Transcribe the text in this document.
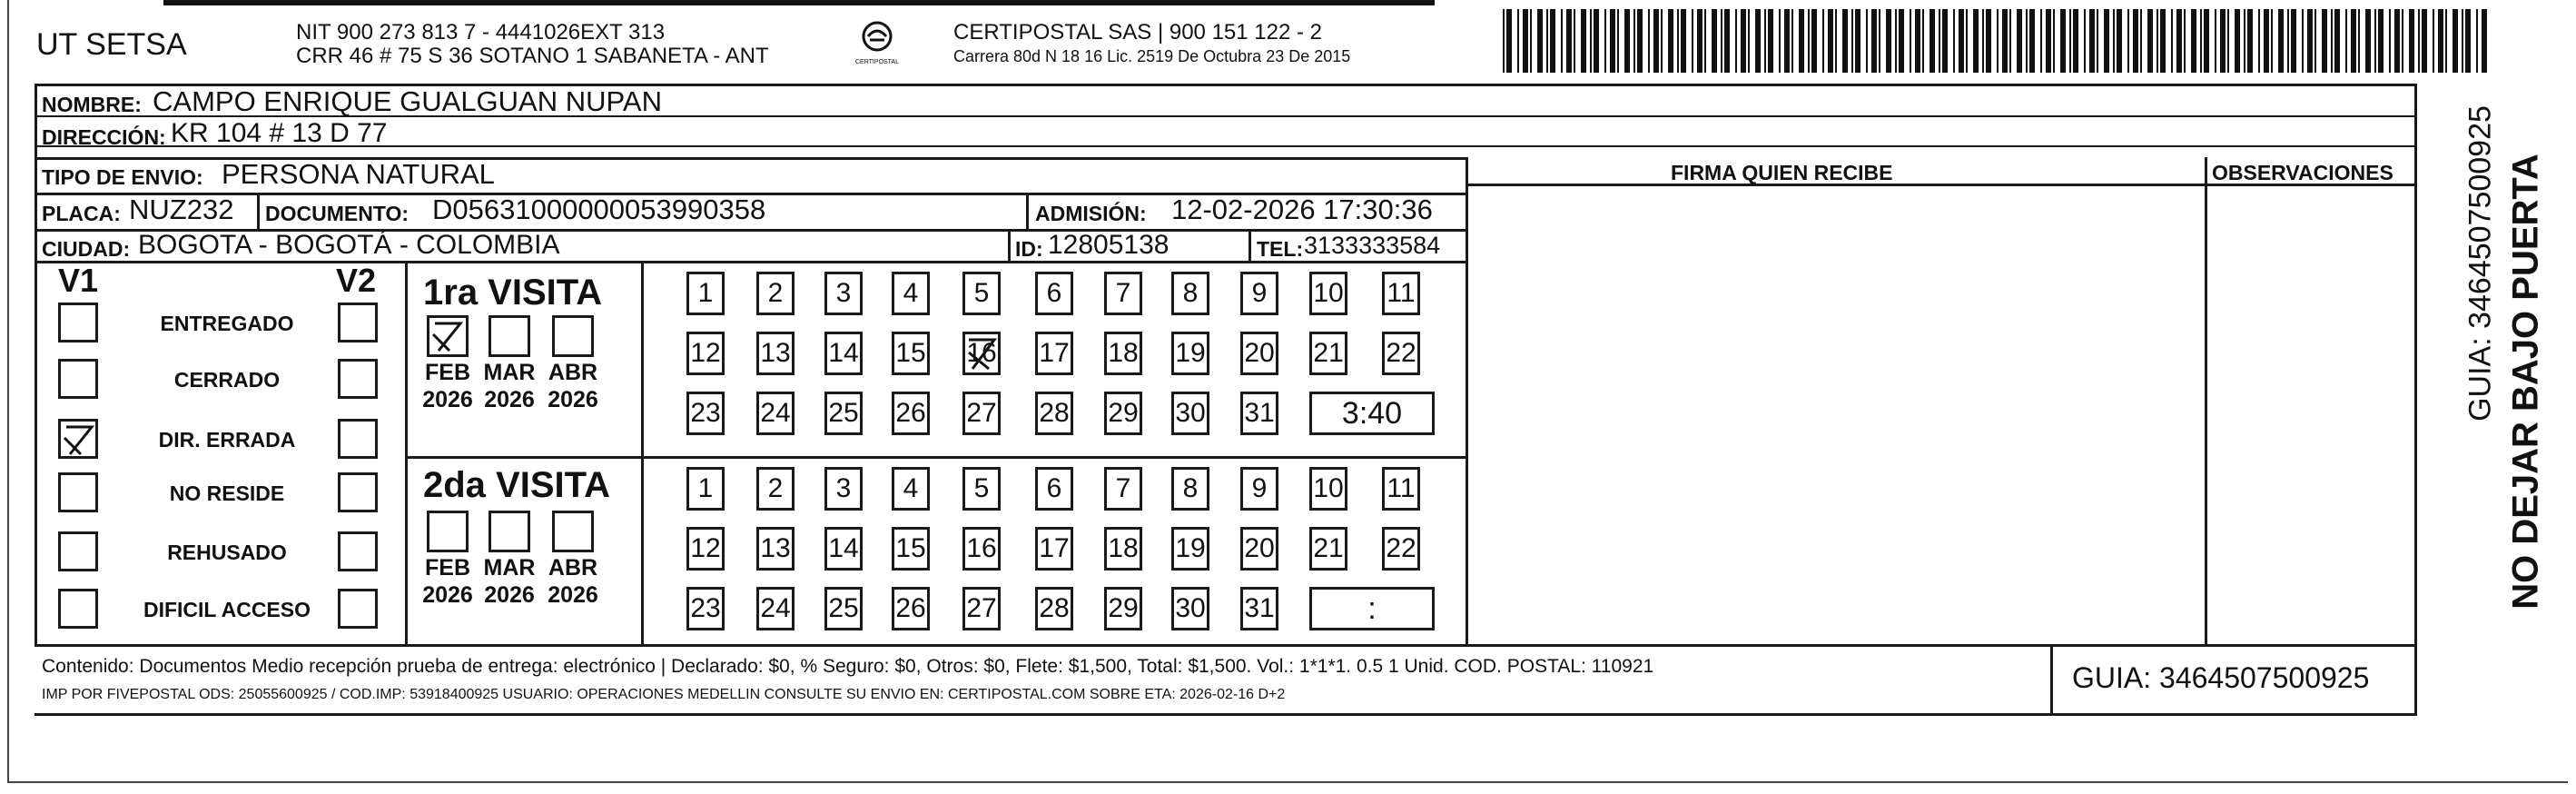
UT SETSA	NIT 900 273 813 7 - 4441026EXT 313
CRR 46 # 75 S 36 SOTANO 1 SABANETA - ANT	CERTIPOSTAL
CERTIPOSTAL SAS | 900 151 122 - 2
Carrera 80d N 18 16 Lic. 2519 De Octubra 23 De 2015
NOMBRE: CAMPO ENRIQUE GUALGUAN NUPAN
DIRECCIÓN: KR 104 # 13 D 77
TIPO DE ENVIO: PERSONA NATURAL	FIRMA QUIEN RECIBE	OBSERVACIONES
PLACA: NUZ232 DOCUMENTO: D05631000000053990358	ADMISIÓN: 12-02-2026 17:30:36
CIUDAD: BOGOTA - BOGOTÁ - COLOMBIA	ID: 12805138	TEL: 3133333584
V1	V2
ENTREGADO
CERRADO
DIR. ERRADA
NO RESIDE
REHUSADO
DIFICIL ACCESO
1ra VISITA
2da VISITA
FEB
2026
MAR
2026
ABR
2026
1	2	3	4	5	6	7	8	9	10 11
12 13 14 15 16 17 18 19 20 21 22
23 24 25 26 27 28 29 30 31	3:40
FEB
2026
MAR
2026
ABR
2026
1	2	3	4	5	6	7	8	9	10 11
12 13 14 15 16 17 18 19 20 21 22
23 24 25 26 27 28 29 30 31	:
Contenido: Documentos Medio recepción prueba de entrega: electrónico | Declarado: $0, % Seguro: $0, Otros: $0, Flete: $1,500, Total: $1,500. Vol.: 1*1*1. 0.5 1 Unid. COD. POSTAL: 110921
IMP POR FIVEPOSTAL ODS: 25055600925 / COD.IMP: 53918400925 USUARIO: OPERACIONES MEDELLIN CONSULTE SU ENVIO EN: CERTIPOSTAL.COM SOBRE ETA: 2026-02-16 D+2
GUIA: 3464507500925
NO DEJAR BAJO PUERTA
GUIA: 3464507500925
